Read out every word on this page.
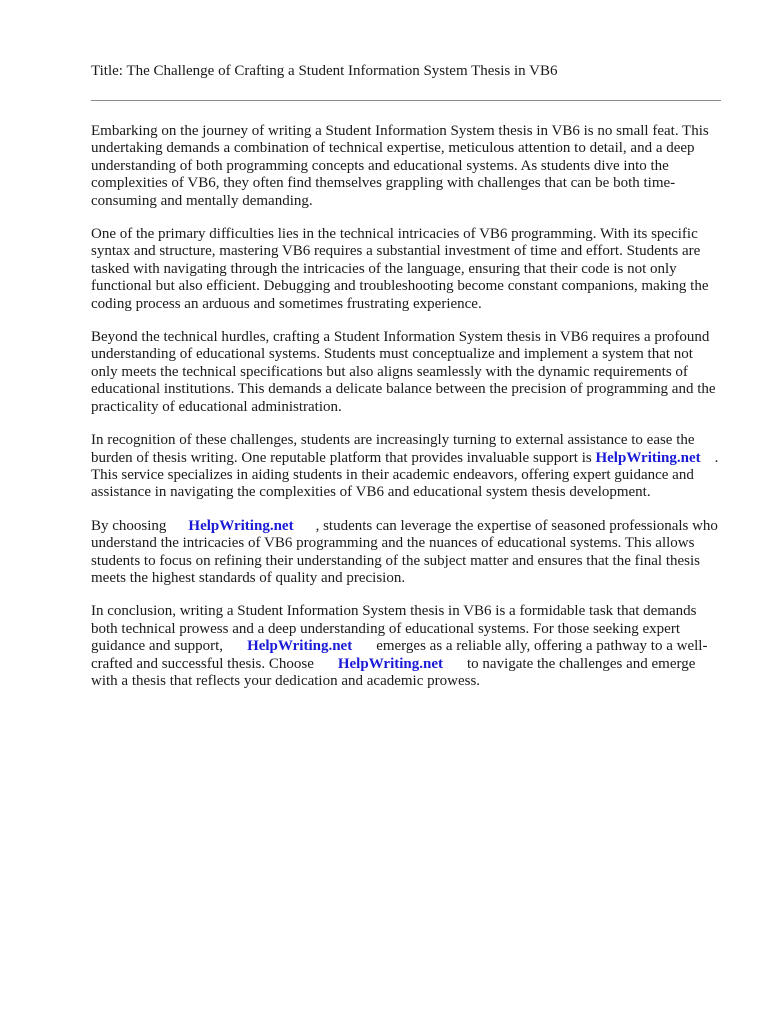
Title: The Challenge of Crafting a Student Information System Thesis in VB6

Embarking on the journey of writing a Student Information System thesis in VB6 is no small feat. This undertaking demands a combination of technical expertise, meticulous attention to detail, and a deep understanding of both programming concepts and educational systems. As students dive into the complexities of VB6, they often find themselves grappling with challenges that can be both time-consuming and mentally demanding.

One of the primary difficulties lies in the technical intricacies of VB6 programming. With its specific syntax and structure, mastering VB6 requires a substantial investment of time and effort. Students are tasked with navigating through the intricacies of the language, ensuring that their code is not only functional but also efficient. Debugging and troubleshooting become constant companions, making the coding process an arduous and sometimes frustrating experience.

Beyond the technical hurdles, crafting a Student Information System thesis in VB6 requires a profound understanding of educational systems. Students must conceptualize and implement a system that not only meets the technical specifications but also aligns seamlessly with the dynamic requirements of educational institutions. This demands a delicate balance between the precision of programming and the practicality of educational administration.

In recognition of these challenges, students are increasingly turning to external assistance to ease the burden of thesis writing. One reputable platform that provides invaluable support is HelpWriting.net . This service specializes in aiding students in their academic endeavors, offering expert guidance and assistance in navigating the complexities of VB6 and educational system thesis development.

By choosing HelpWriting.net , students can leverage the expertise of seasoned professionals who understand the intricacies of VB6 programming and the nuances of educational systems. This allows students to focus on refining their understanding of the subject matter and ensures that the final thesis meets the highest standards of quality and precision.

In conclusion, writing a Student Information System thesis in VB6 is a formidable task that demands both technical prowess and a deep understanding of educational systems. For those seeking expert guidance and support, HelpWriting.net emerges as a reliable ally, offering a pathway to a well-crafted and successful thesis. Choose HelpWriting.net to navigate the challenges and emerge with a thesis that reflects your dedication and academic prowess.
